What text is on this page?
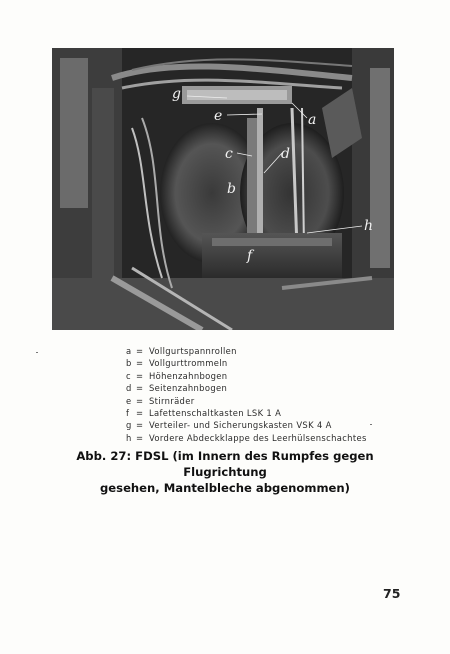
g
e	a
c	d
b
h
f
a = Vollgurtspannrollen
b = Vollgurttrommeln
c = Höhenzahnbogen
d = Seitenzahnbogen
e = Stirnräder
f = Lafettenschaltkasten LSK 1 A
g = Verteiler- und Sicherungskasten VSK 4 A
h = Vordere Abdeckklappe des Leerhülsenschachtes
Abb. 27: FDSL (im Innern des Rumpfes gegen Flugrichtung
gesehen, Mantelbleche abgenommen)
75
